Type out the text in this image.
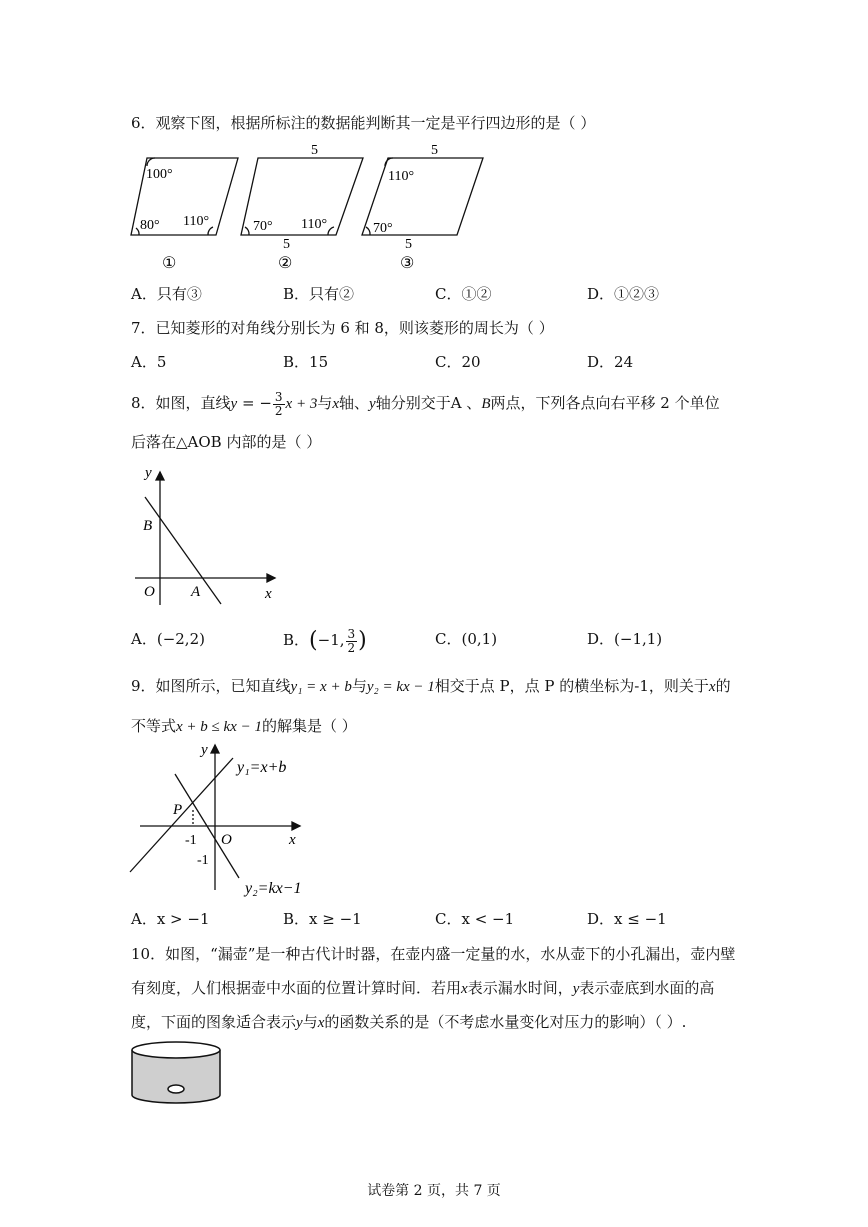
6．观察下图，根据所标注的数据能判断其一定是平行四边形的是（ ）
100°
80° 110°
①
5
70° 110°
5
②
5
110°
70°
5
③
A．只有③	B．只有②	C．①②	D．①②③
7．已知菱形的对角线分别长为 6 和 8，则该菱形的周长为（ ）
A．5	B．15	C．20	D．24
8．如图，直线y = − $\frac{3}{2}$ x + 3与x轴、y轴分别交于A 、B两点，下列各点向右平移 2 个单位
后落在△AOB 内部的是（ ）
y
x
B
O A
A．(−2,2)	B．(−1, $\frac{3}{2}$ )	C．(0,1)	D．(−1,1)
9．如图所示，已知直线y₁ = x + b与y₂ = kx − 1相交于点 P，点 P 的横坐标为-1，则关于x的
不等式x + b ≤ kx − 1的解集是（ ）
y
x
y₁=x+b
P
-1 O
-1
y₂=kx−1
A．x > −1	B．x ≥ −1	C．x < −1	D．x ≤ −1
10．如图，“漏壶”是一种古代计时器，在壶内盛一定量的水，水从壶下的小孔漏出，壶内壁
有刻度，人们根据壶中水面的位置计算时间．若用x表示漏水时间，y表示壶底到水面的高
度，下面的图象适合表示y与x的函数关系的是（不考虑水量变化对压力的影响）（ ）.
试卷第 2 页，共 7 页
